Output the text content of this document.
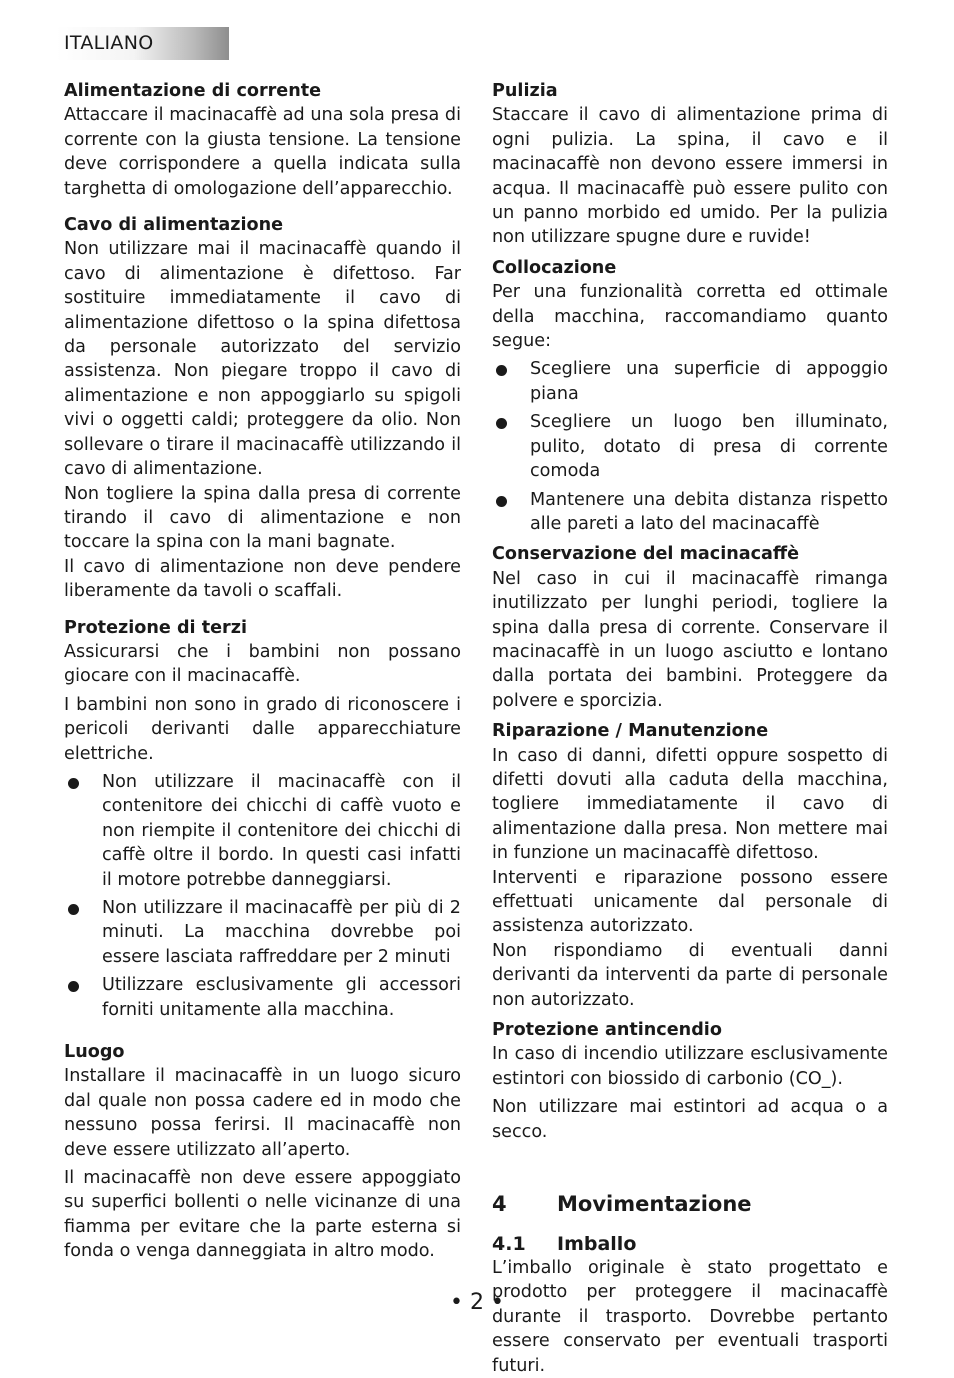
ITALIANO
Alimentazione di corrente

Attaccare il macinacaffè ad una sola presa di corrente con la giusta tensione. La tensione deve corrispondere a quella indicata sulla targhetta di omologazione dell’apparecchio.

Cavo di alimentazione

Non utilizzare mai il macinacaffè quando il cavo di alimentazione è difettoso. Far sostituire immediatamente il cavo di alimentazione difettoso o la spina difettosa da personale autorizzato del servizio assistenza. Non piegare troppo il cavo di alimentazione e non appoggiarlo su spigoli vivi o oggetti caldi; proteggere da olio. Non sollevare o tirare il macinacaffè utilizzando il cavo di alimentazione.

Non togliere la spina dalla presa di corrente tirando il cavo di alimentazione e non toccare la spina con la mani bagnate.

Il cavo di alimentazione non deve pendere liberamente da tavoli o scaffali.

Protezione di terzi

Assicurarsi che i bambini non possano giocare con il macinacaffè.

I bambini non sono in grado di riconoscere i pericoli derivanti dalle apparecchiature elettriche.

Non utilizzare il macinacaffè con il contenitore dei chicchi di caffè vuoto e non riempite il contenitore dei chicchi di caffè oltre il bordo. In questi casi infatti il motore potrebbe danneggiarsi.
Non utilizzare il macinacaffè per più di 2 minuti. La macchina dovrebbe poi essere lasciata raffreddare per 2 minuti
Utilizzare esclusivamente gli accessori forniti unitamente alla macchina.
Luogo

Installare il macinacaffè in un luogo sicuro dal quale non possa cadere ed in modo che nessuno possa ferirsi. Il macinacaffè non deve essere utilizzato all’aperto.

Il macinacaffè non deve essere appoggiato su superfici bollenti o nelle vicinanze di una fiamma per evitare che la parte esterna si fonda o venga danneggiata in altro modo.

Pulizia

Staccare il cavo di alimentazione prima di ogni pulizia. La spina, il cavo e il macinacaffè non devono essere immersi in acqua. Il macinacaffè può essere pulito con un panno morbido ed umido. Per la pulizia non utilizzare spugne dure e ruvide!

Collocazione

Per una funzionalità corretta ed ottimale della macchina, raccomandiamo quanto segue:

Scegliere una superficie di appoggio piana
Scegliere un luogo ben illuminato, pulito, dotato di presa di corrente comoda
Mantenere una debita distanza rispetto alle pareti a lato del macinacaffè
Conservazione del macinacaffè

Nel caso in cui il macinacaffè rimanga inutilizzato per lunghi periodi, togliere la spina dalla presa di corrente. Conservare il macinacaffè in un luogo asciutto e lontano dalla portata dei bambini. Proteggere da polvere e sporcizia.

Riparazione / Manutenzione

In caso di danni, difetti oppure sospetto di difetti dovuti alla caduta della macchina, togliere immediatamente il cavo di alimentazione dalla presa. Non mettere mai in funzione un macinacaffè difettoso.

Interventi e riparazione possono essere effettuati unicamente dal personale di assistenza autorizzato.

Non rispondiamo di eventuali danni derivanti da interventi da parte di personale non autorizzato.

Protezione antincendio

In caso di incendio utilizzare esclusivamente estintori con biossido di carbonio (CO_).

Non utilizzare mai estintori ad acqua o a secco.

4 Movimentazione
4.1 Imballo

L’imballo originale è stato progettato e prodotto per proteggere il macinacaffè durante il trasporto. Dovrebbe pertanto essere conservato per eventuali trasporti futuri.

• 2 •
